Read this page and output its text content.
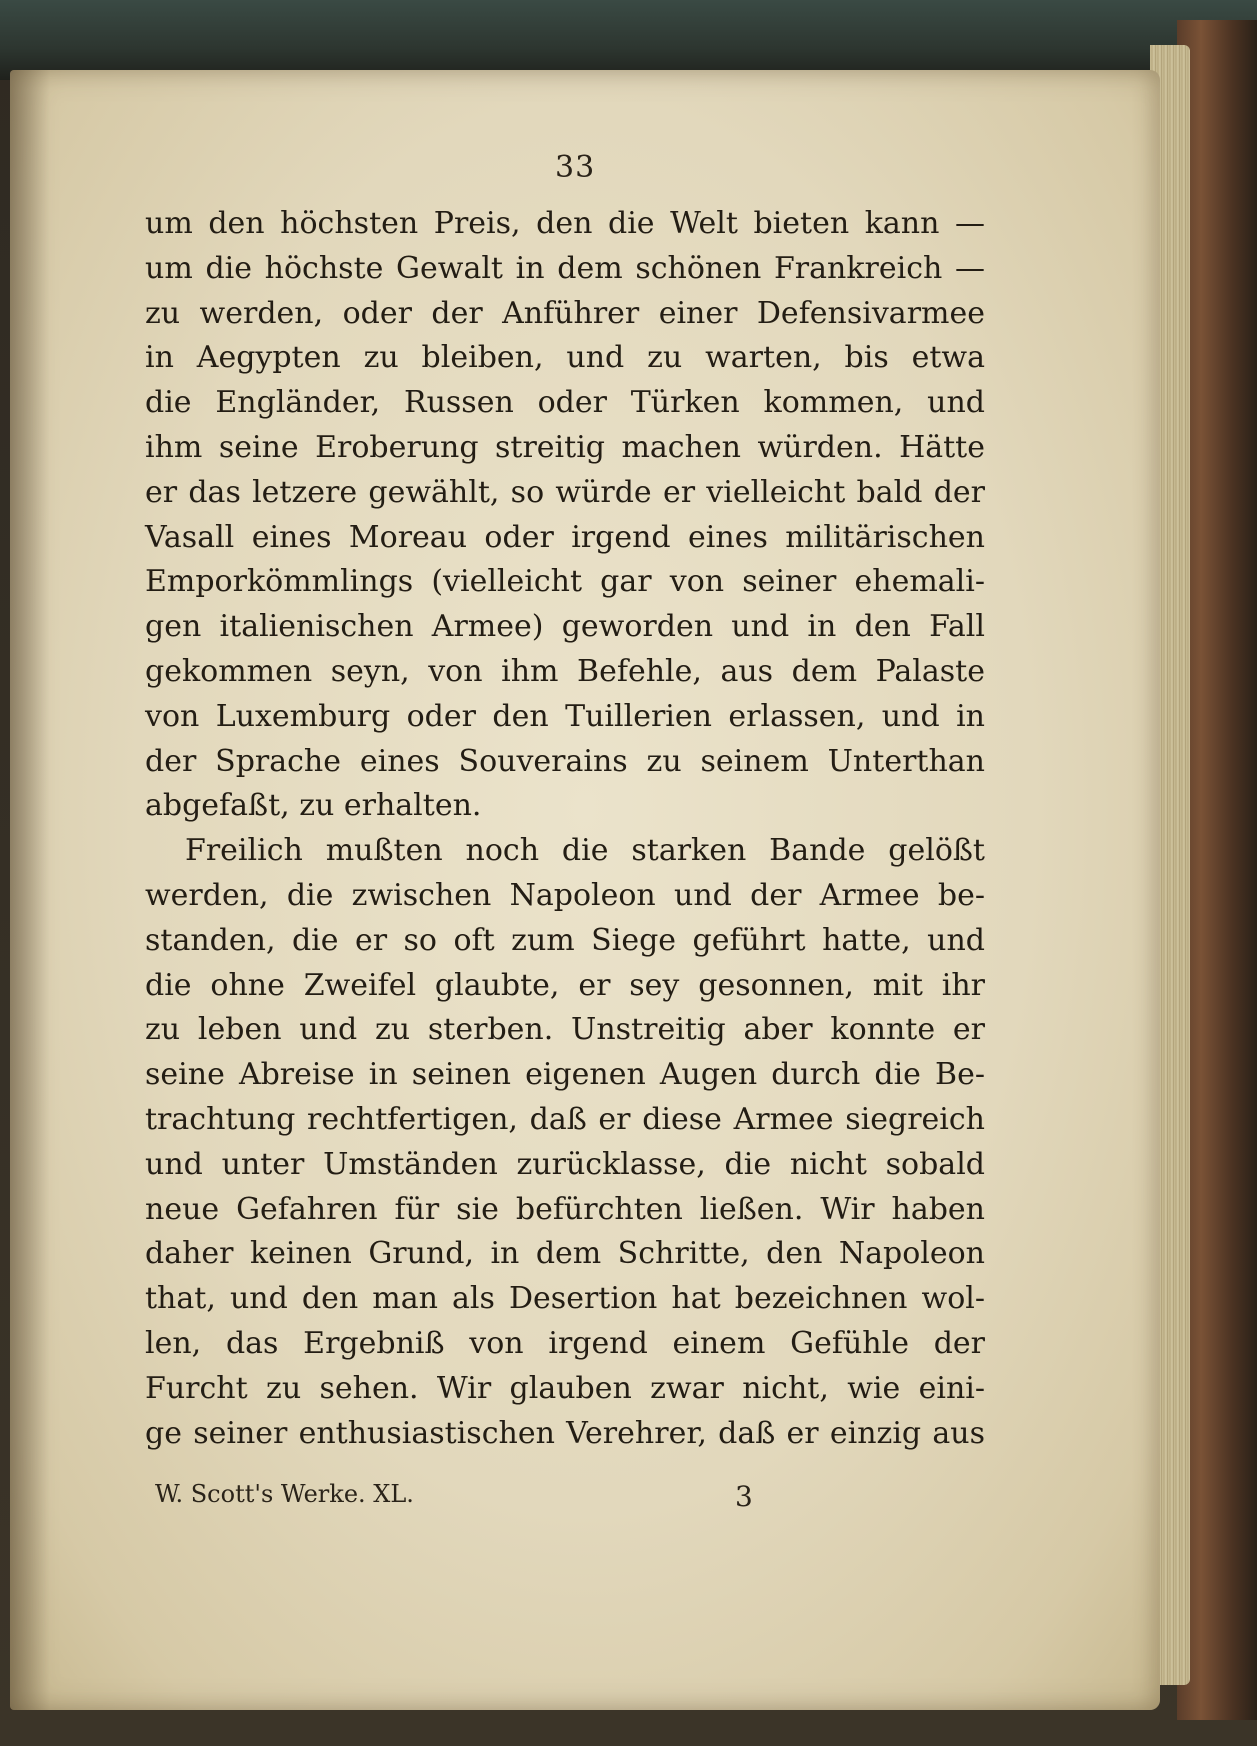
33
um den höchsten Preis, den die Welt bieten kann —
um die höchste Gewalt in dem schönen Frankreich —
zu werden, oder der Anführer einer Defensivarmee
in Aegypten zu bleiben, und zu warten, bis etwa
die Engländer, Russen oder Türken kommen, und
ihm seine Eroberung streitig machen würden. Hätte
er das letzere gewählt, so würde er vielleicht bald der
Vasall eines Moreau oder irgend eines militärischen
Emporkömmlings (vielleicht gar von seiner ehemali-
gen italienischen Armee) geworden und in den Fall
gekommen seyn, von ihm Befehle, aus dem Palaste
von Luxemburg oder den Tuillerien erlassen, und in
der Sprache eines Souverains zu seinem Unterthan
abgefaßt, zu erhalten.
Freilich mußten noch die starken Bande gelößt
werden, die zwischen Napoleon und der Armee be-
standen, die er so oft zum Siege geführt hatte, und
die ohne Zweifel glaubte, er sey gesonnen, mit ihr
zu leben und zu sterben. Unstreitig aber konnte er
seine Abreise in seinen eigenen Augen durch die Be-
trachtung rechtfertigen, daß er diese Armee siegreich
und unter Umständen zurücklasse, die nicht sobald
neue Gefahren für sie befürchten ließen. Wir haben
daher keinen Grund, in dem Schritte, den Napoleon
that, und den man als Desertion hat bezeichnen wol-
len, das Ergebniß von irgend einem Gefühle der
Furcht zu sehen. Wir glauben zwar nicht, wie eini-
ge seiner enthusiastischen Verehrer, daß er einzig aus
W. Scott's Werke. XL.	3
